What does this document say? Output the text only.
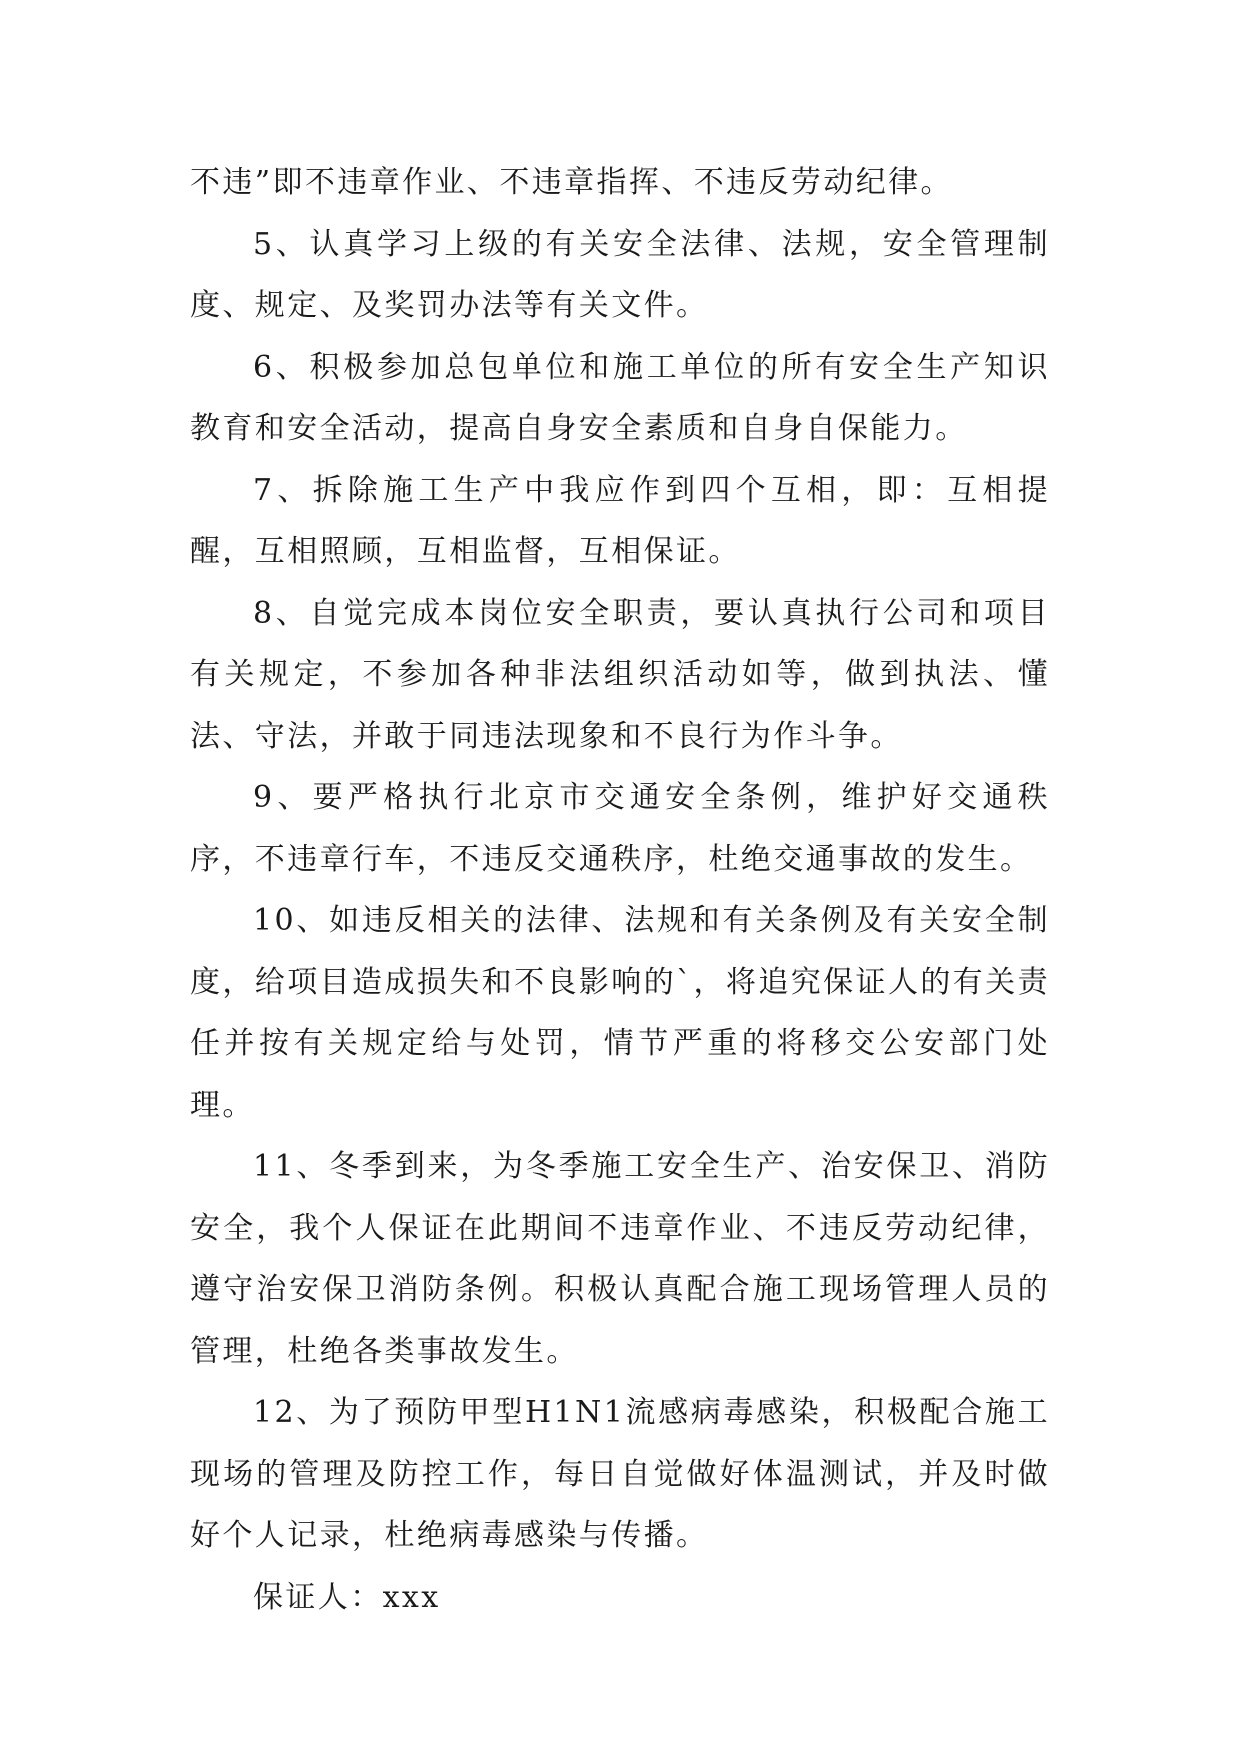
不违”即不违章作业、不违章指挥、不违反劳动纪律。

5、认真学习上级的有关安全法律、法规，安全管理制度、规定、及奖罚办法等有关文件。

6、积极参加总包单位和施工单位的所有安全生产知识教育和安全活动，提高自身安全素质和自身自保能力。

7、拆除施工生产中我应作到四个互相，即：互相提醒，互相照顾，互相监督，互相保证。

8、自觉完成本岗位安全职责，要认真执行公司和项目有关规定，不参加各种非法组织活动如等，做到执法、懂法、守法，并敢于同违法现象和不良行为作斗争。

9、要严格执行北京市交通安全条例，维护好交通秩序，不违章行车，不违反交通秩序，杜绝交通事故的发生。

10、如违反相关的法律、法规和有关条例及有关安全制度，给项目造成损失和不良影响的`，将追究保证人的有关责任并按有关规定给与处罚，情节严重的将移交公安部门处理。

11、冬季到来，为冬季施工安全生产、治安保卫、消防安全，我个人保证在此期间不违章作业、不违反劳动纪律，遵守治安保卫消防条例。积极认真配合施工现场管理人员的管理，杜绝各类事故发生。

12、为了预防甲型H1N1流感病毒感染，积极配合施工现场的管理及防控工作，每日自觉做好体温测试，并及时做好个人记录，杜绝病毒感染与传播。

保证人：xxx
